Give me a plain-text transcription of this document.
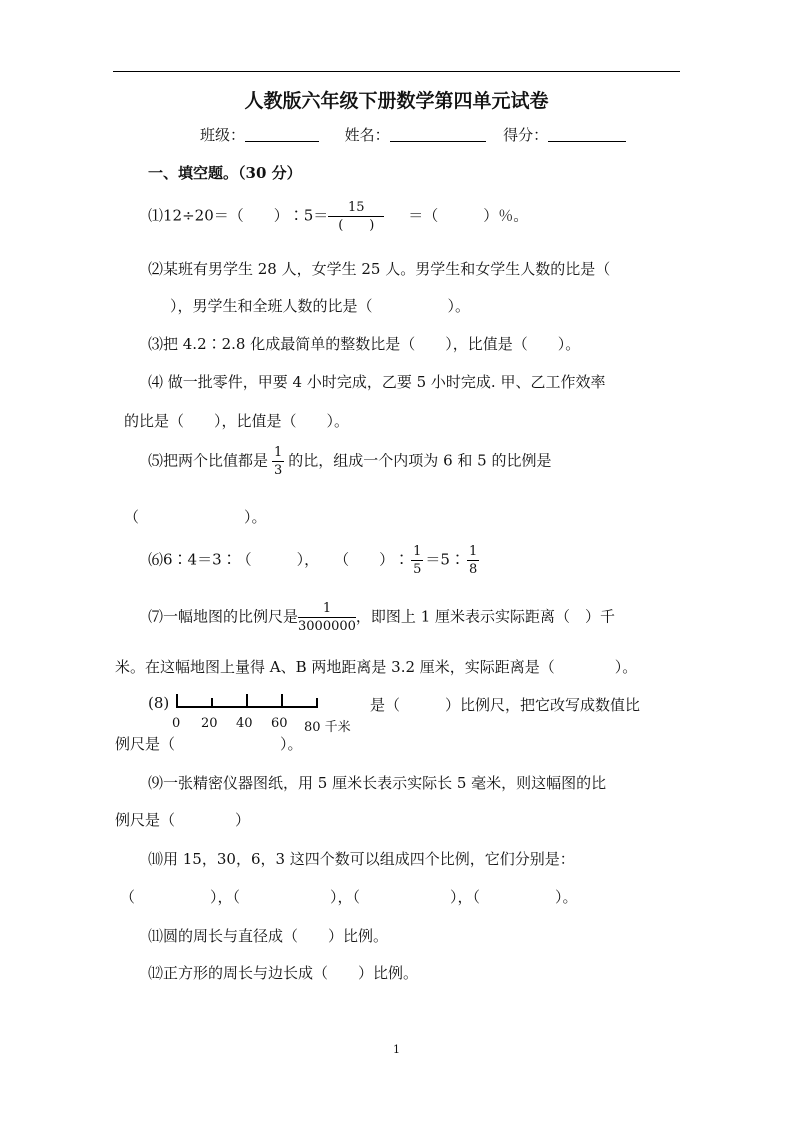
人教版六年级下册数学第四单元试卷
班级：	姓名：	得分：
一、填空题。（30 分）
⑴12÷20＝（　　）∶5＝ $\frac{15}{( )}$ ＝（　　　）％。
⑵某班有男学生 28 人，女学生 25 人。男学生和女学生人数的比是（
），男学生和全班人数的比是（　　　　　）。
⑶把 4.2∶2.8 化成最简单的整数比是（　　），比值是（　　）。
⑷ 做一批零件，甲要 4 小时完成，乙要 5 小时完成. 甲、乙工作效率
的比是（　　），比值是（　　）。
⑸把两个比值都是 $\frac{1}{3}$ 的比，组成一个内项为 6 和 5 的比例是
（　　　　　　　）。
⑹6∶4＝3∶（　　　），　　（　　）∶ $\frac{1}{5}$ ＝5∶ $\frac{1}{8}$
⑺一幅地图的比例尺是 $\frac{1}{3000000}$ ，即图上 1 厘米表示实际距离（　）千
米。在这幅地图上量得 A、B 两地距离是 3.2 厘米，实际距离是（　　　　）。
(8)
0 20 40 60 80 千米
是（　　　）比例尺，把它改写成数值比
例尺是（　　　　　　　）。
⑼一张精密仪器图纸，用 5 厘米长表示实际长 5 毫米，则这幅图的比
例尺是（　　　　）
⑽用 15，30，6，3 这四个数可以组成四个比例，它们分别是：
（　　　　　），（　　　　　　），（　　　　　　），（　　　　　）。
⑾圆的周长与直径成（　　）比例。
⑿正方形的周长与边长成（　　）比例。
1
